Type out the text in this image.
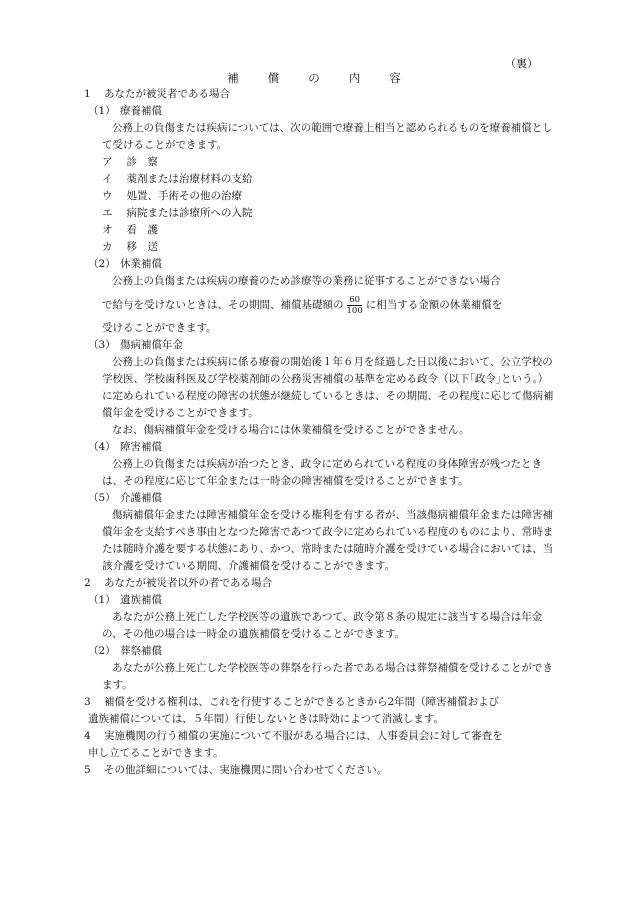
（裏）
補　　償　　の　　内　　容
1 あなたが被災者である場合
（1） 療養補償
公務上の負傷または疾病については、次の範囲で療養上相当と認められるものを療養補償として受けることができます。
ア　 診　察
イ　 薬剤または治療材料の支給
ウ　 処置、手術その他の治療
エ　 病院または診療所への入院
オ　 看　護
カ　 移　送
（2） 休業補償
公務上の負傷または疾病の療養のため診療等の業務に従事することができない場合
で給与を受けないときは、その期間、補償基礎額の $\frac{60}{100}$ に相当する金額の休業補償を
受けることができます。
（3） 傷病補償年金
公務上の負傷または疾病に係る療養の開始後１年６月を経過した日以後において、公立学校の学校医、学校歯科医及び学校薬剤師の公務災害補償の基準を定める政令（以下｢政令｣という。）に定められている程度の障害の状態が継続しているときは、その期間、その程度に応じて傷病補償年金を受けることができます。
なお、傷病補償年金を受ける場合には休業補償を受けることができません。
（4） 障害補償
公務上の負傷または疾病が治つたとき、政令に定められている程度の身体障害が残つたときは、その程度に応じて年金または一時金の障害補償を受けることができます。
（5） 介護補償
傷病補償年金または障害補償年金を受ける権利を有する者が、当該傷病補償年金または障害補償年金を支給すべき事由となつた障害であつて政令に定められている程度のものにより、常時または随時介護を要する状態にあり、かつ、常時または随時介護を受けている場合においては、当該介護を受けている期間、介護補償を受けることができます。
2 あなたが被災者以外の者である場合
（1） 遺族補償
あなたが公務上死亡した学校医等の遺族であつて、政令第８条の規定に該当する場合は年金の、その他の場合は一時金の遺族補償を受けることができます。
（2） 葬祭補償
あなたが公務上死亡した学校医等の葬祭を行った者である場合は葬祭補償を受けることができます。
3 補償を受ける権利は、これを行使することができるときから2年間（障害補償および
遺族補償については、５年間）行使しないときは時効によつて消滅します。
4 実施機関の行う補償の実施について不服がある場合には、人事委員会に対して審査を
申し立てることができます。
5 その他詳細については、実施機関に問い合わせてください。
